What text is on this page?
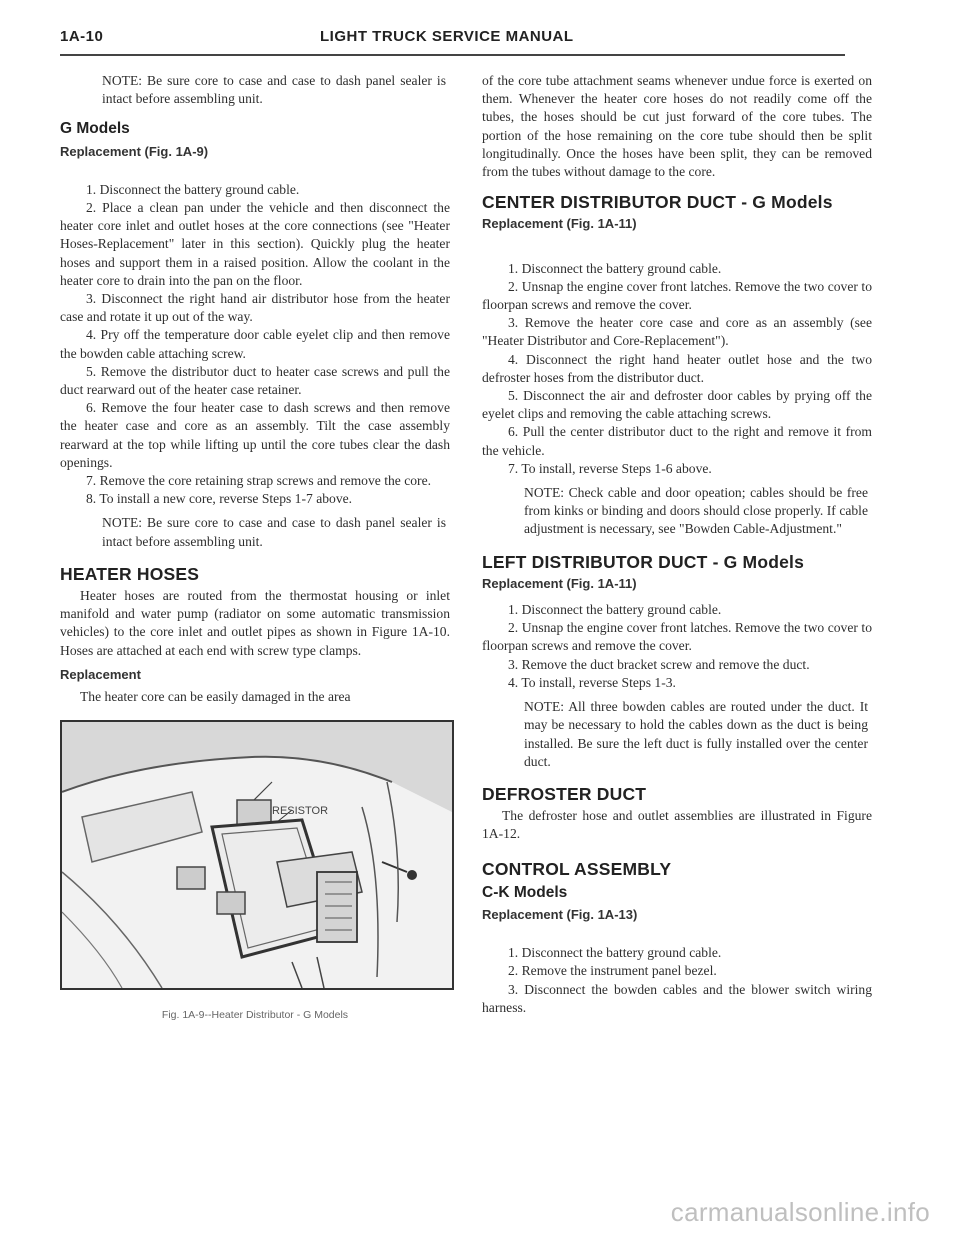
1A-10	LIGHT TRUCK SERVICE MANUAL

NOTE: Be sure core to case and case to dash panel sealer is intact before assembling unit.

G Models
Replacement (Fig. 1A-9)

1. Disconnect the battery ground cable.

2. Place a clean pan under the vehicle and then disconnect the heater core inlet and outlet hoses at the core connections (see "Heater Hoses-Replacement" later in this section). Quickly plug the heater hoses and support them in a raised position. Allow the coolant in the heater core to drain into the pan on the floor.

3. Disconnect the right hand air distributor hose from the heater case and rotate it up out of the way.

4. Pry off the temperature door cable eyelet clip and then remove the bowden cable attaching screw.

5. Remove the distributor duct to heater case screws and pull the duct rearward out of the heater case retainer.

6. Remove the four heater case to dash screws and then remove the heater case and core as an assembly. Tilt the case assembly rearward at the top while lifting up until the core tubes clear the dash openings.

7. Remove the core retaining strap screws and remove the core.

8. To install a new core, reverse Steps 1-7 above.

NOTE: Be sure core to case and case to dash panel sealer is intact before assembling unit.

HEATER HOSES

Heater hoses are routed from the thermostat housing or inlet manifold and water pump (radiator on some automatic transmission vehicles) to the core inlet and outlet pipes as shown in Figure 1A-10. Hoses are attached at each end with screw type clamps.

Replacement

The heater core can be easily damaged in the area

RESISTOR
Fig. 1A-9--Heater Distributor - G Models

of the core tube attachment seams whenever undue force is exerted on them. Whenever the heater core hoses do not readily come off the tubes, the hoses should be cut just forward of the core tubes. The portion of the hose remaining on the core tube should then be split longitudinally. Once the hoses have been split, they can be removed from the tubes without damage to the core.

CENTER DISTRIBUTOR DUCT - G Models
Replacement (Fig. 1A-11)

1. Disconnect the battery ground cable.

2. Unsnap the engine cover front latches. Remove the two cover to floorpan screws and remove the cover.

3. Remove the heater core case and core as an assembly (see "Heater Distributor and Core-Replacement").

4. Disconnect the right hand heater outlet hose and the two defroster hoses from the distributor duct.

5. Disconnect the air and defroster door cables by prying off the eyelet clips and removing the cable attaching screws.

6. Pull the center distributor duct to the right and remove it from the vehicle.

7. To install, reverse Steps 1-6 above.

NOTE: Check cable and door opeation; cables should be free from kinks or binding and doors should close properly. If cable adjustment is necessary, see "Bowden Cable-Adjustment."

LEFT DISTRIBUTOR DUCT - G Models
Replacement (Fig. 1A-11)

1. Disconnect the battery ground cable.

2. Unsnap the engine cover front latches. Remove the two cover to floorpan screws and remove the cover.

3. Remove the duct bracket screw and remove the duct.

4. To install, reverse Steps 1-3.

NOTE: All three bowden cables are routed under the duct. It may be necessary to hold the cables down as the duct is being installed. Be sure the left duct is fully installed over the center duct.

DEFROSTER DUCT

The defroster hose and outlet assemblies are illustrated in Figure 1A-12.

CONTROL ASSEMBLY
C-K Models
Replacement (Fig. 1A-13)

1. Disconnect the battery ground cable.

2. Remove the instrument panel bezel.

3. Disconnect the bowden cables and the blower switch wiring harness.

carmanualsonline.info
